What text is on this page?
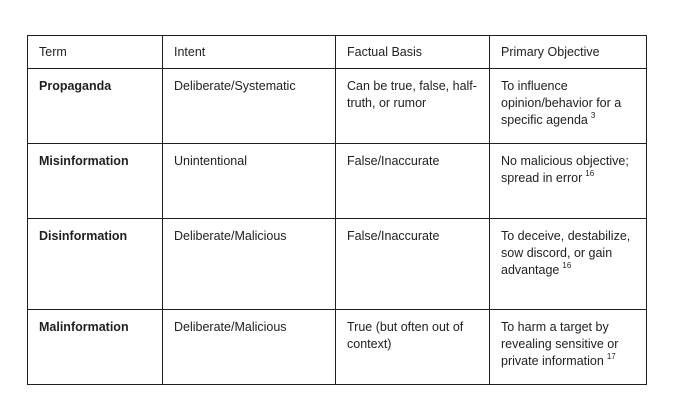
Term	Intent	Factual Basis	Primary Objective
Propaganda	Deliberate/Systematic	Can be true, false, half-truth, or rumor	To influence opinion/behavior for a specific agenda $^3$
Misinformation	Unintentional	False/Inaccurate	No malicious objective; spread in error $^{16}$
Disinformation	Deliberate/Malicious	False/Inaccurate	To deceive, destabilize, sow discord, or gain advantage $^{16}$
Malinformation	Deliberate/Malicious	True (but often out of context)	To harm a target by revealing sensitive or private information $^{17}$
